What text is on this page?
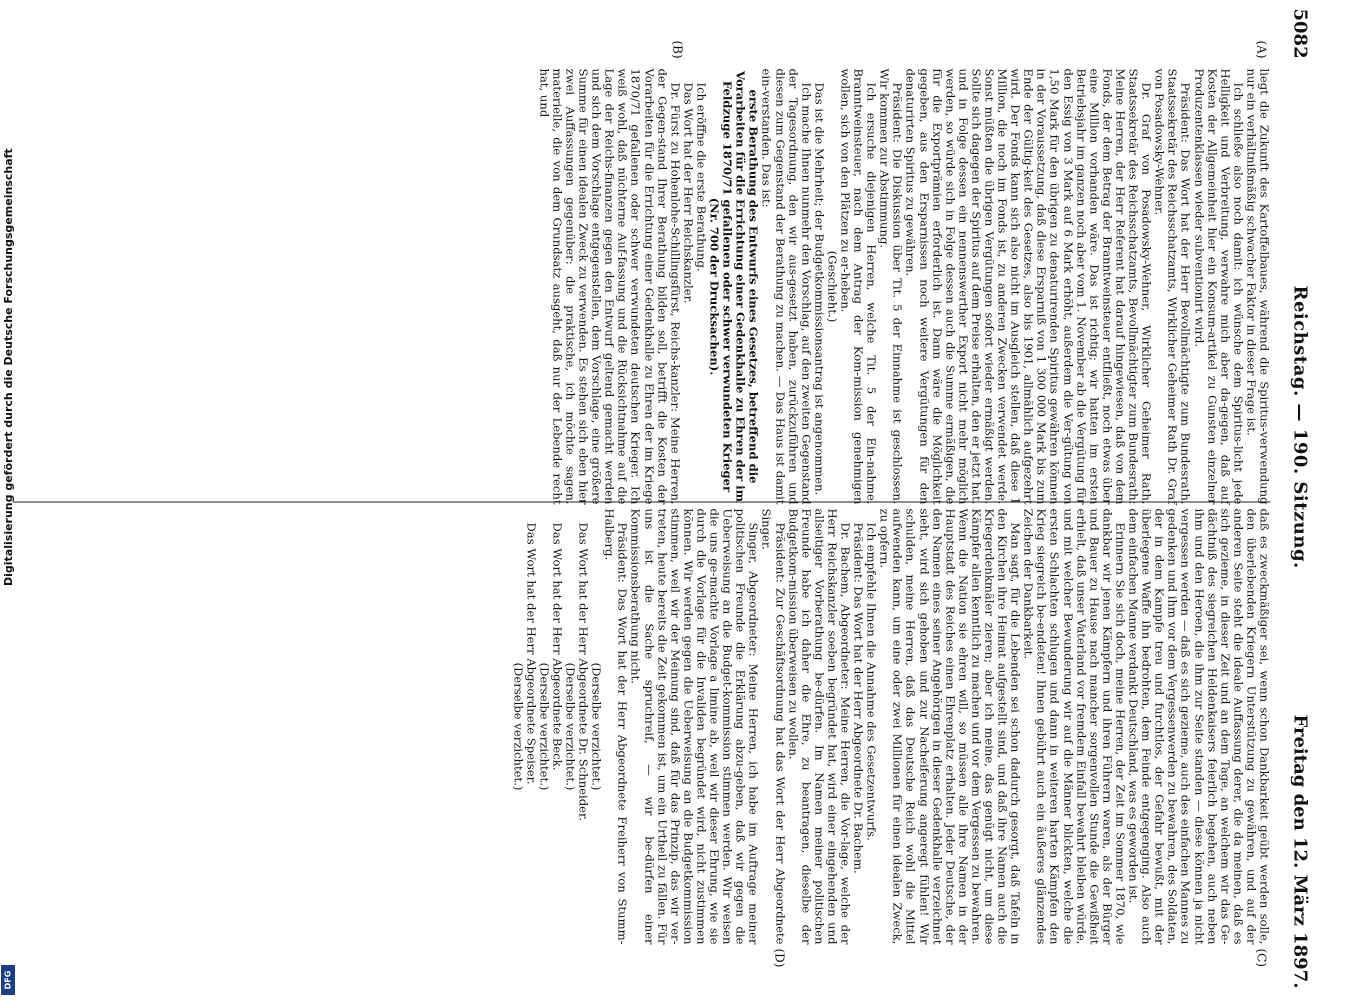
5082
Reichstag. — 190. Sitzung.
Freitag den 12. März 1897.
(A)
(B)
(C)
(D)

liegt die Zukunft des Kartoffelbaues, während die Spiritus-verwendung nur ein verhältnißmäßig schwacher Faktor in dieser Frage ist.

Ich schließe also noch damit: ich wünsche dem Spiritus-licht jede Helligkeit und Verbreitung, verwahre mich aber da-gegen, daß auf Kosten der Allgemeinheit hier ein Konsum-artikel zu Gunsten einzelner Produzentenklassen wieder subventionirt wird.

Präsident: Das Wort hat der Herr Bevollmächtigte zum Bundesrath, Staatssekretär des Reichsschatzamts, Wirklicher Geheimer Rath Dr. Graf von Posadowsky-Wehner.

Dr. Graf von Posadowsky-Wehner, Wirklicher Geheimer Rath, Staatssekretär des Reichsschatzamts, Bevollmächtigter zum Bundesrath: Meine Herren, der Herr Referent hat darauf hingewiesen, daß von dem Fonds, der dem Betrag der Branntweinsteuer entfließt, noch etwas über eine Million vorhanden wäre. Das ist richtig; wir hatten im ersten Betriebsjahr im ganzen noch aber vom 1. November ab die Vergütung für den Essig von 3 Mark auf 6 Mark erhöht, außerdem die Ver-gütung von 1,50 Mark für den übrigen zu denaturirenden Spiritus gewähren können in der Voraussetzung, daß diese Ersparniß von 1 300 000 Mark bis zum Ende der Gültig-keit des Gesetzes, also bis 1901, allmählich aufgezehrt wird. Der Fonds kann sich also nicht im Ausgleich stellen, daß diese 1 Million, die noch im Fonds ist, zu anderen Zwecken verwendet werde. Sonst müßten die übrigen Vergütungen sofort wieder ermäßigt werden. Sollte sich dagegen der Spiritus auf dem Preise erhalten, den er jetzt hat, und in Folge dessen ein nennenswerther Export nicht mehr möglich werden, so würde sich in Folge dessen auch die Summe ermäßigen, die für die Exportprämien erforderlich ist. Dann wäre die Möglichkeit gegeben, aus den Ersparnissen noch weitere Vergütungen für den denaturirten Spiritus zu gewähren.

Präsident: Die Diskussion über Tit. 5 der Einnahme ist geschlossen. Wir kommen zur Abstimmung.

Ich ersuche diejenigen Herren, welche Tit. 5 der Ein-nahme, Branntweinsteuer, nach dem Antrag der Kom-mission genehmigen wollen, sich von den Plätzen zu er-heben.

(Geschieht.)

Das ist die Mehrheit; der Budgetkommissionsantrag ist angenommen.

Ich mache Ihnen nunmehr den Vorschlag, auf den zweiten Gegenstand der Tagesordnung, den wir aus-gesetzt haben, zurückzuführen und diesen zum Gegenstand der Berathung zu machen. — Das Haus ist damit ein-verstanden. Das ist:

erste Berathung des Entwurfs eines Gesetzes, betreffend die Vorarbeiten für die Errichtung einer Gedenkhalle zu Ehren der im Feldzuge 1870/71 gefallenen oder schwer verwundeten Krieger (Nr. 700 der Drucksachen).

Ich eröffne die erste Berathung.

Das Wort hat der Herr Reichskanzler.

Dr. Fürst zu Hohenlohe-Schillingsfürst, Reichs-kanzler: Meine Herren, der Gegen-stand Ihrer Berathung bilden soll, betrifft die Kosten der Vorarbeiten für die Errichtung einer Gedenkhalle zu Ehren der im Kriege 1870/71 gefallenen oder schwer verwundeten deutschen Krieger. Ich weiß wohl, daß nüchterne Auf-fassung und die Rücksichtnahme auf die Lage der Reichs-finanzen gegen den Entwurf geltend gemacht werden und sich dem Vorschlage entgegenstellen, dem Vorschlage, eine größere Summe für einen idealen Zweck zu verwenden. Es stehen sich eben hier zwei Auffassungen gegenüber: die praktische, ich möchte sagen, materielle, die von dem Grundsatz ausgeht, daß nur der Lebende recht hat, und

daß es zweckmäßiger sei, wenn schon Dankbarkeit geübt werden solle, den überlebenden Kriegern Unterstützung zu gewähren, und auf der anderen Seite steht die ideale Auffassung derer, die da meinen, daß es sich gezieme, in dieser Zeit und an dem Tage, an welchem wir das Ge-dächtniß des siegreichen Heldenkaisers feierlich begehen, auch neben ihm und den Heroen, die ihm zur Seite standen — diese können ja nicht vergessen werden — daß es sich gezieme, auch des einfachen Mannes zu gedenken und ihm vor dem Vergessenwerden zu bewahren, des Soldaten, der in dem Kampfe treu und furchtlos, der Gefahr bewußt, mit der überlegene Waffe ihn bedrohten, dem Feinde entgegenging. Also auch dem einfachen Manne verdankt Deutschland, was es geworden ist.

Erinnern Sie sich doch, meine Herren, der Zeit im Sommer 1870, wie dankbar wir jenen Kämpfern und ihren Führern waren, als der Bürger und Bauer zu Hause nach mancher sorgenvollen Stunde die Gewißheit erhielt, daß unser Vaterland vor fremdem Einfall bewahrt bleiben würde, und mit welcher Bewunderung wir auf die Männer blickten, welche die ersten Schlachten schlugen und dann in weiteren harten Kämpfen den Krieg siegreich be-endeten! Ihnen gebührt auch ein äußeres glänzendes Zeichen der Dankbarkeit.

Man sagt, für die Lebenden sei schon dadurch gesorgt, daß Tafeln in den Kirchen ihre Heimat aufgestellt sind, und daß ihre Namen auch die Kriegerdenkmäler zieren; aber ich meine, das genügt nicht, um diese Kämpfer allen kenntlich zu machen und vor dem Vergessen zu bewahren. Wenn die Nation sie ehren will, so müssen alle ihre Namen in der Hauptstadt des Reiches einen Ehrenplatz erhalten. Jeder Deutsche, der den Namen eines seiner Angehörigen in dieser Gedenkhalle verzeichnet sieht, wird sich gehoben und zur Nacheiferung angeregt fühlen! Wir schulden, meine Herren, daß das Deutsche Reich wohl die Mittel aufwenden kann, um eine oder zwei Millionen für einen idealen Zweck, zu opfern.

Ich empfehle Ihnen die Annahme des Gesetzentwurfs.

Präsident: Das Wort hat der Herr Abgeordnete Dr. Bachem.

Dr. Bachem, Abgeordneter: Meine Herren, die Vor-lage, welche der Herr Reichskanzler soeben begründet hat, wird einer eingehenden und allseitiger Vorberathung be-dürfen. Im Namen meiner politischen Freunde habe ich daher die Ehre, zu beantragen, dieselbe der Budgetkom-mission überweisen zu wollen.

Präsident: Zur Geschäftsordnung hat das Wort der Herr Abgeordnete Singer.

Singer, Abgeordneter: Meine Herren, ich habe im Auftrage meiner politischen Freunde die Erklärung abzu-geben, daß wir gegen die Ueberweisung an die Budget-kommission stimmen werden. Wir weisen die uns ge-machte Vorlage a limine ab, weil wir dieser Ehrung, wie sie durch die Vorlage für die Invaliden begründet wird, nicht zustimmen können. Wir werden gegen die Ueberweisung an die Budgetkommission stimmen, weil wir der Meinung sind, daß für das Prinzip, das wir ver-treten, heute bereits die Zeit gekommen ist, um ein Urtheil zu fällen. Für uns ist die Sache spruchreif, — wir be-dürfen einer Kommissionsberathung nicht.

Präsident: Das Wort hat der Herr Abgeordnete Freiherr von Stumm-Halberg.

(Derselbe verzichtet.)

Das Wort hat der Herr Abgeordnete Dr. Schneider.

(Derselbe verzichtet.)

Das Wort hat der Herr Abgeordnete Beck.

(Derselbe verzichtet.)

Das Wort hat der Herr Abgeordnete Speiser.

(Derselbe verzichtet.)

Digitalisierung gefördert durch die Deutsche Forschungsgemeinschaft
DFG
